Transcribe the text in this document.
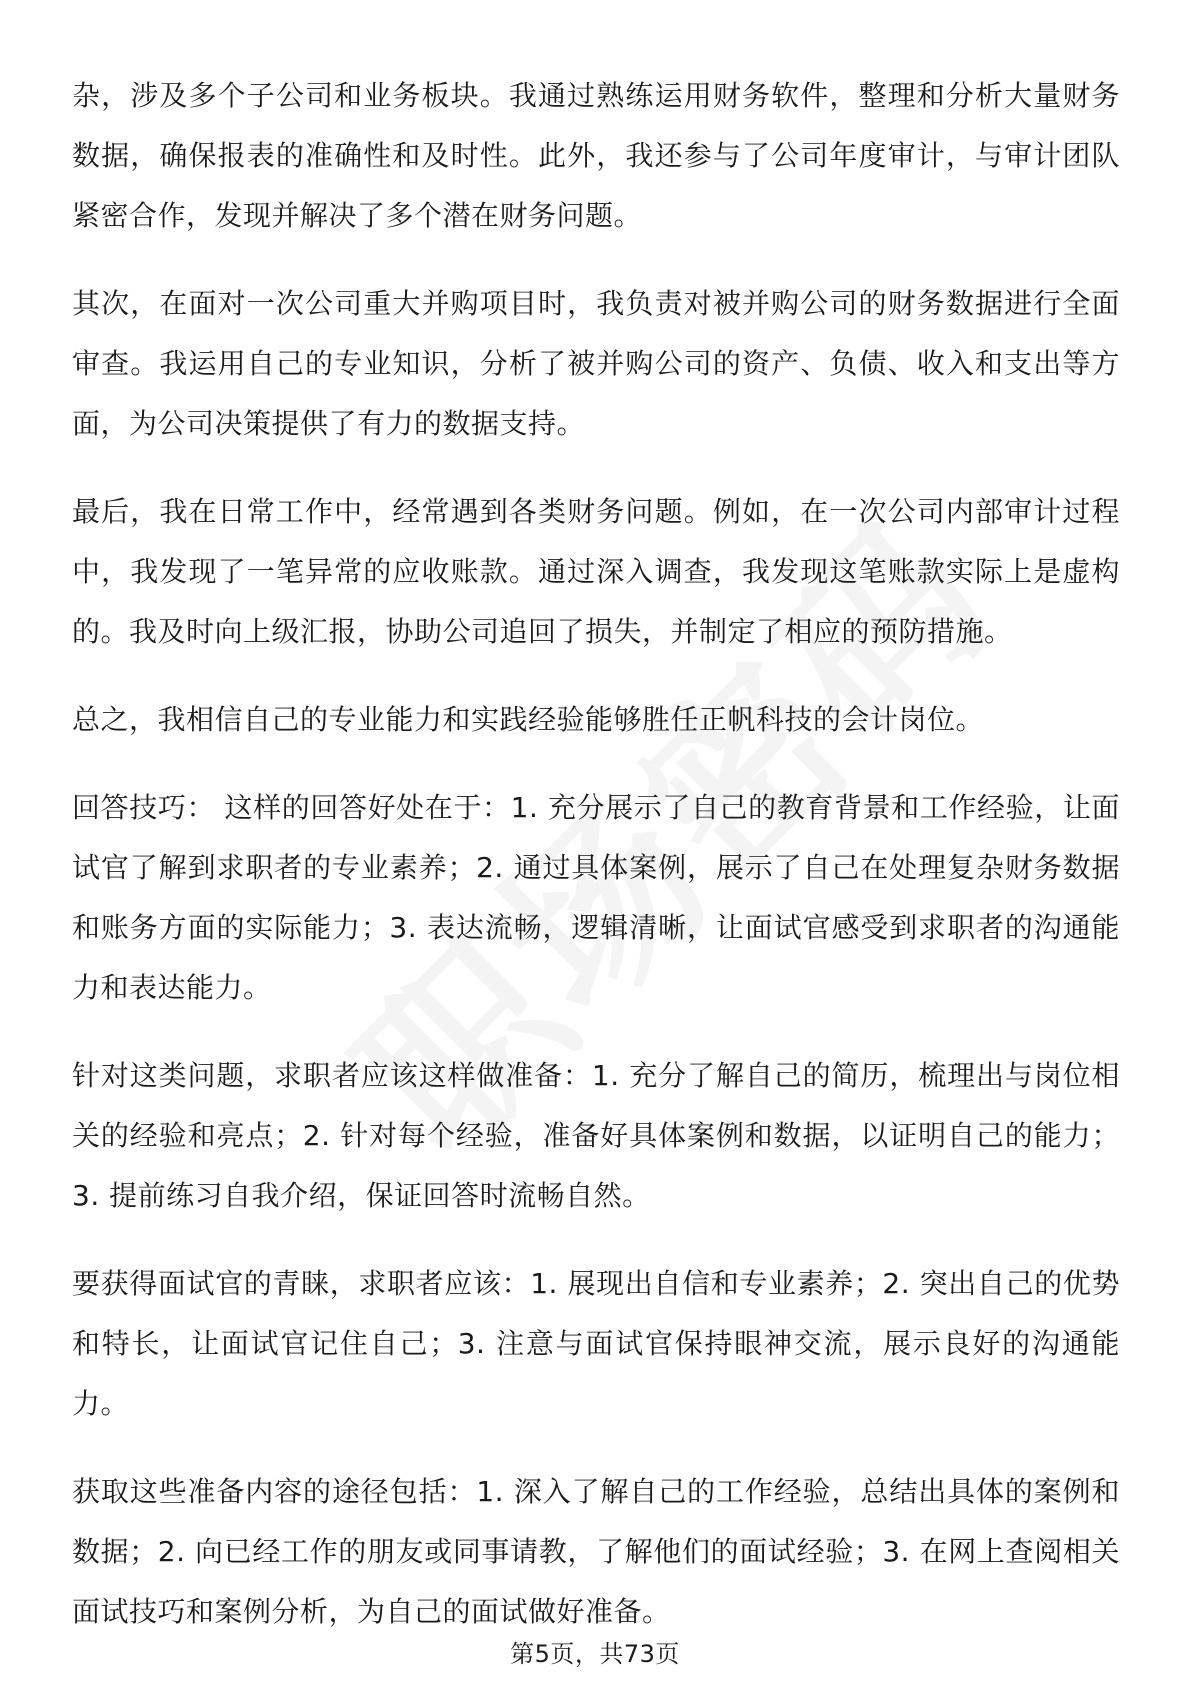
杂，涉及多个子公司和业务板块。我通过熟练运用财务软件，整理和分析大量财务数据，确保报表的准确性和及时性。此外，我还参与了公司年度审计，与审计团队紧密合作，发现并解决了多个潜在财务问题。

其次，在面对一次公司重大并购项目时，我负责对被并购公司的财务数据进行全面审查。我运用自己的专业知识，分析了被并购公司的资产、负债、收入和支出等方面，为公司决策提供了有力的数据支持。

最后，我在日常工作中，经常遇到各类财务问题。例如，在一次公司内部审计过程中，我发现了一笔异常的应收账款。通过深入调查，我发现这笔账款实际上是虚构的。我及时向上级汇报，协助公司追回了损失，并制定了相应的预防措施。

总之，我相信自己的专业能力和实践经验能够胜任正帆科技的会计岗位。

回答技巧： 这样的回答好处在于：1. 充分展示了自己的教育背景和工作经验，让面试官了解到求职者的专业素养；2. 通过具体案例，展示了自己在处理复杂财务数据和账务方面的实际能力；3. 表达流畅，逻辑清晰，让面试官感受到求职者的沟通能力和表达能力。

针对这类问题，求职者应该这样做准备：1. 充分了解自己的简历，梳理出与岗位相关的经验和亮点；2. 针对每个经验，准备好具体案例和数据，以证明自己的能力；3. 提前练习自我介绍，保证回答时流畅自然。

要获得面试官的青睐，求职者应该：1. 展现出自信和专业素养；2. 突出自己的优势和特长，让面试官记住自己；3. 注意与面试官保持眼神交流，展示良好的沟通能力。

获取这些准备内容的途径包括：1. 深入了解自己的工作经验，总结出具体的案例和数据；2. 向已经工作的朋友或同事请教，了解他们的面试经验；3. 在网上查阅相关面试技巧和案例分析，为自己的面试做好准备。

第5页，共73页
